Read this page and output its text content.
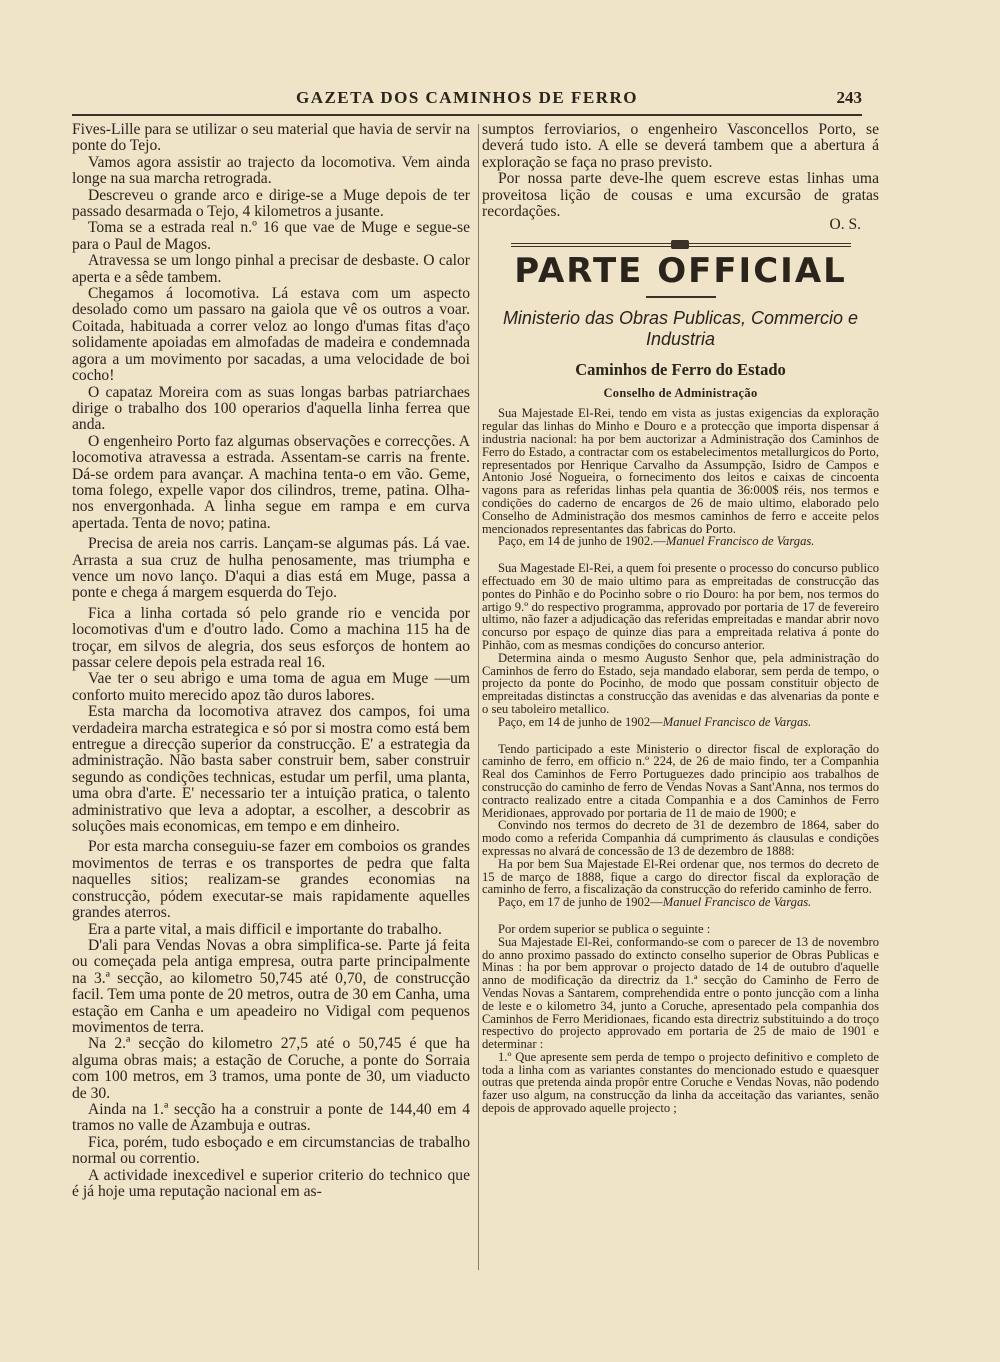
GAZETA DOS CAMINHOS DE FERRO	243

Fives-Lille para se utilizar o seu material que havia de servir na ponte do Tejo.

Vamos agora assistir ao trajecto da locomotiva. Vem ainda longe na sua marcha retrograda.

Descreveu o grande arco e dirige-se a Muge depois de ter passado desarmada o Tejo, 4 kilometros a jusante.

Toma se a estrada real n.º 16 que vae de Muge e segue-se para o Paul de Magos.

Atravessa se um longo pinhal a precisar de desbaste. O calor aperta e a sêde tambem.

Chegamos á locomotiva. Lá estava com um aspecto desolado como um passaro na gaiola que vê os outros a voar. Coitada, habituada a correr veloz ao longo d'umas fitas d'aço solidamente apoiadas em almofadas de madeira e condemnada agora a um movimento por sacadas, a uma velocidade de boi cocho!

O capataz Moreira com as suas longas barbas patriarchaes dirige o trabalho dos 100 operarios d'aquella linha ferrea que anda.

O engenheiro Porto faz algumas observações e correcções. A locomotiva atravessa a estrada. Assentam-se carris na frente. Dá-se ordem para avançar. A machina tenta-o em vão. Geme, toma folego, expelle vapor dos cilindros, treme, patina. Olha-nos envergonhada. A linha segue em rampa e em curva apertada. Tenta de novo; patina.

Precisa de areia nos carris. Lançam-se algumas pás. Lá vae. Arrasta a sua cruz de hulha penosamente, mas triumpha e vence um novo lanço. D'aqui a dias está em Muge, passa a ponte e chega á margem esquerda do Tejo.

Fica a linha cortada só pelo grande rio e vencida por locomotivas d'um e d'outro lado. Como a machina 115 ha de troçar, em silvos de alegria, dos seus esforços de hontem ao passar celere depois pela estrada real 16.

Vae ter o seu abrigo e uma toma de agua em Muge —um conforto muito merecido apoz tão duros labores.

Esta marcha da locomotiva atravez dos campos, foi uma verdadeira marcha estrategica e só por si mostra como está bem entregue a direcção superior da construcção. E' a estrategia da administração. Não basta saber construir bem, saber construir segundo as condições technicas, estudar um perfil, uma planta, uma obra d'arte. E' necessario ter a intuição pratica, o talento administrativo que leva a adoptar, a escolher, a descobrir as soluções mais economicas, em tempo e em dinheiro.

Por esta marcha conseguiu-se fazer em comboios os grandes movimentos de terras e os transportes de pedra que falta naquelles sitios; realizam-se grandes economias na construcção, pódem executar-se mais rapidamente aquelles grandes aterros.

Era a parte vital, a mais difficil e importante do trabalho.

D'ali para Vendas Novas a obra simplifica-se. Parte já feita ou começada pela antiga empresa, outra parte principalmente na 3.ª secção, ao kilometro 50,745 até 0,70, de construcção facil. Tem uma ponte de 20 metros, outra de 30 em Canha, uma estação em Canha e um apeadeiro no Vidigal com pequenos movimentos de terra.

Na 2.ª secção do kilometro 27,5 até o 50,745 é que ha alguma obras mais; a estação de Coruche, a ponte do Sorraia com 100 metros, em 3 tramos, uma ponte de 30, um viaducto de 30.

Ainda na 1.ª secção ha a construir a ponte de 144,40 em 4 tramos no valle de Azambuja e outras.

Fica, porém, tudo esboçado e em circumstancias de trabalho normal ou correntio.

A actividade inexcedivel e superior criterio do technico que é já hoje uma reputação nacional em as-

sumptos ferroviarios, o engenheiro Vasconcellos Porto, se deverá tudo isto. A elle se deverá tambem que a abertura á exploração se faça no praso previsto.

Por nossa parte deve-lhe quem escreve estas linhas uma proveitosa lição de cousas e uma excursão de gratas recordações.

O. S.
PARTE OFFICIAL
Ministerio das Obras Publicas, Commercio e Industria
Caminhos de Ferro do Estado
Conselho de Administração

Sua Majestade El-Rei, tendo em vista as justas exigencias da exploração regular das linhas do Minho e Douro e a protecção que importa dispensar á industria nacional: ha por bem auctorizar a Administração dos Caminhos de Ferro do Estado, a contractar com os estabelecimentos metallurgicos do Porto, representados por Henrique Carvalho da Assumpção, Isidro de Campos e Antonio José Nogueira, o fornecimento dos leitos e caixas de cincoenta vagons para as referidas linhas pela quantia de 36:000$ réis, nos termos e condições do caderno de encargos de 26 de maio ultimo, elaborado pelo Conselho de Administração dos mesmos caminhos de ferro e acceite pelos mencionados representantes das fabricas do Porto.

Paço, em 14 de junho de 1902.—Manuel Francisco de Vargas.

Sua Magestade El-Rei, a quem foi presente o processo do concurso publico effectuado em 30 de maio ultimo para as empreitadas de construcção das pontes do Pinhão e do Pocinho sobre o rio Douro: ha por bem, nos termos do artigo 9.º do respectivo programma, approvado por portaria de 17 de fevereiro ultimo, não fazer a adjudicação das referidas empreitadas e mandar abrir novo concurso por espaço de quinze dias para a empreitada relativa á ponte do Pinhão, com as mesmas condições do concurso anterior.

Determina ainda o mesmo Augusto Senhor que, pela administração do Caminhos de ferro do Estado, seja mandado elaborar, sem perda de tempo, o projecto da ponte do Pocinho, de modo que possam constituir objecto de empreitadas distinctas a construcção das avenidas e das alvenarias da ponte e o seu taboleiro metallico.

Paço, em 14 de junho de 1902—Manuel Francisco de Vargas.

Tendo participado a este Ministerio o director fiscal de exploração do caminho de ferro, em officio n.º 224, de 26 de maio findo, ter a Companhia Real dos Caminhos de Ferro Portuguezes dado principio aos trabalhos de construcção do caminho de ferro de Vendas Novas a Sant'Anna, nos termos do contracto realizado entre a citada Companhia e a dos Caminhos de Ferro Meridionaes, approvado por portaria de 11 de maio de 1900; e

Convindo nos termos do decreto de 31 de dezembro de 1864, saber do modo como a referida Companhia dá cumprimento ás clausulas e condições expressas no alvará de concessão de 13 de dezembro de 1888:

Ha por bem Sua Majestade El-Rei ordenar que, nos termos do decreto de 15 de março de 1888, fique a cargo do director fiscal da exploração de caminho de ferro, a fiscalização da construcção do referido caminho de ferro.

Paço, em 17 de junho de 1902—Manuel Francisco de Vargas.

Por ordem superior se publica o seguinte :

Sua Majestade El-Rei, conformando-se com o parecer de 13 de novembro do anno proximo passado do extincto conselho superior de Obras Publicas e Minas : ha por bem approvar o projecto datado de 14 de outubro d'aquelle anno de modificação da directriz da 1.ª secção do Caminho de Ferro de Vendas Novas a Santarem, comprehendida entre o ponto juncção com a linha de leste e o kilometro 34, junto a Coruche, apresentado pela companhia dos Caminhos de Ferro Meridionaes, ficando esta directriz substituindo a do troço respectivo do projecto approvado em portaria de 25 de maio de 1901 e determinar :

1.º Que apresente sem perda de tempo o projecto definitivo e completo de toda a linha com as variantes constantes do mencionado estudo e quaesquer outras que pretenda ainda propôr entre Coruche e Vendas Novas, não podendo fazer uso algum, na construcção da linha da acceitação das variantes, senão depois de approvado aquelle projecto ;
